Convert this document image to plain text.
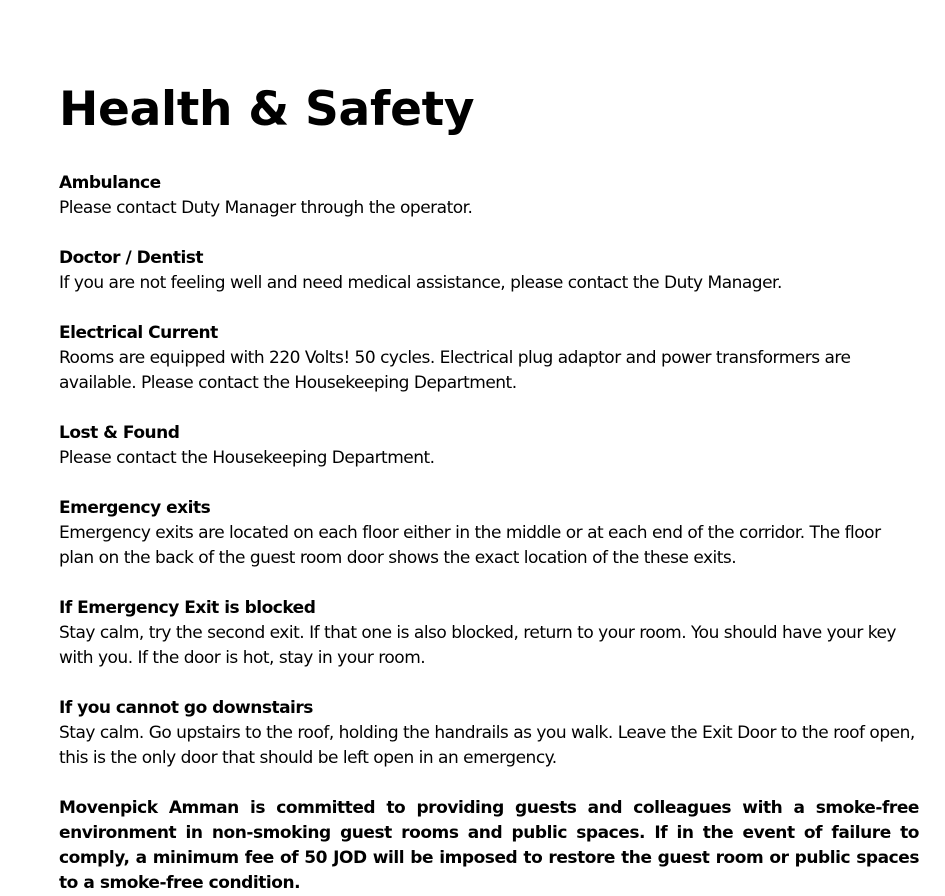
Health & Safety
Ambulance
Please contact Duty Manager through the operator.
Doctor / Dentist
If you are not feeling well and need medical assistance, please contact the Duty Manager.
Electrical Current
Rooms are equipped with 220 Volts! 50 cycles. Electrical plug adaptor and power transformers are available. Please contact the Housekeeping Department.
Lost & Found
Please contact the Housekeeping Department.
Emergency exits
Emergency exits are located on each floor either in the middle or at each end of the corridor. The floor plan on the back of the guest room door shows the exact location of the these exits.
If Emergency Exit is blocked
Stay calm, try the second exit. If that one is also blocked, return to your room. You should have your key with you. If the door is hot, stay in your room.
If you cannot go downstairs
Stay calm. Go upstairs to the roof, holding the handrails as you walk. Leave the Exit Door to the roof open, this is the only door that should be left open in an emergency.

Movenpick Amman is committed to providing guests and colleagues with a smoke-free environment in non-smoking guest rooms and public spaces. If in the event of failure to comply, a minimum fee of 50 JOD will be imposed to restore the guest room or public spaces to a smoke-free condition.
